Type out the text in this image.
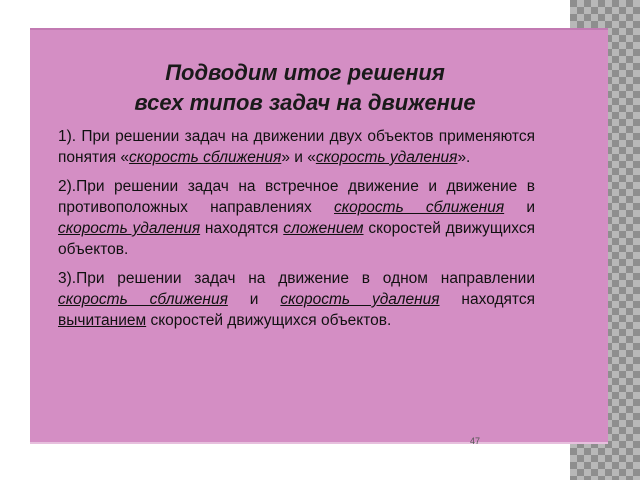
Подводим итог решения
всех типов задач на движение

1). При решении задач на движении двух объектов применяются понятия «скорость сближения» и «скорость удаления».

2).При решении задач на встречное движение и движение в противоположных направлениях скорость сближения и скорость удаления находятся сложением скоростей движущихся объектов.

3).При решении задач на движение в одном направлении скорость сближения и скорость удаления находятся вычитанием скоростей движущихся объектов.

47
